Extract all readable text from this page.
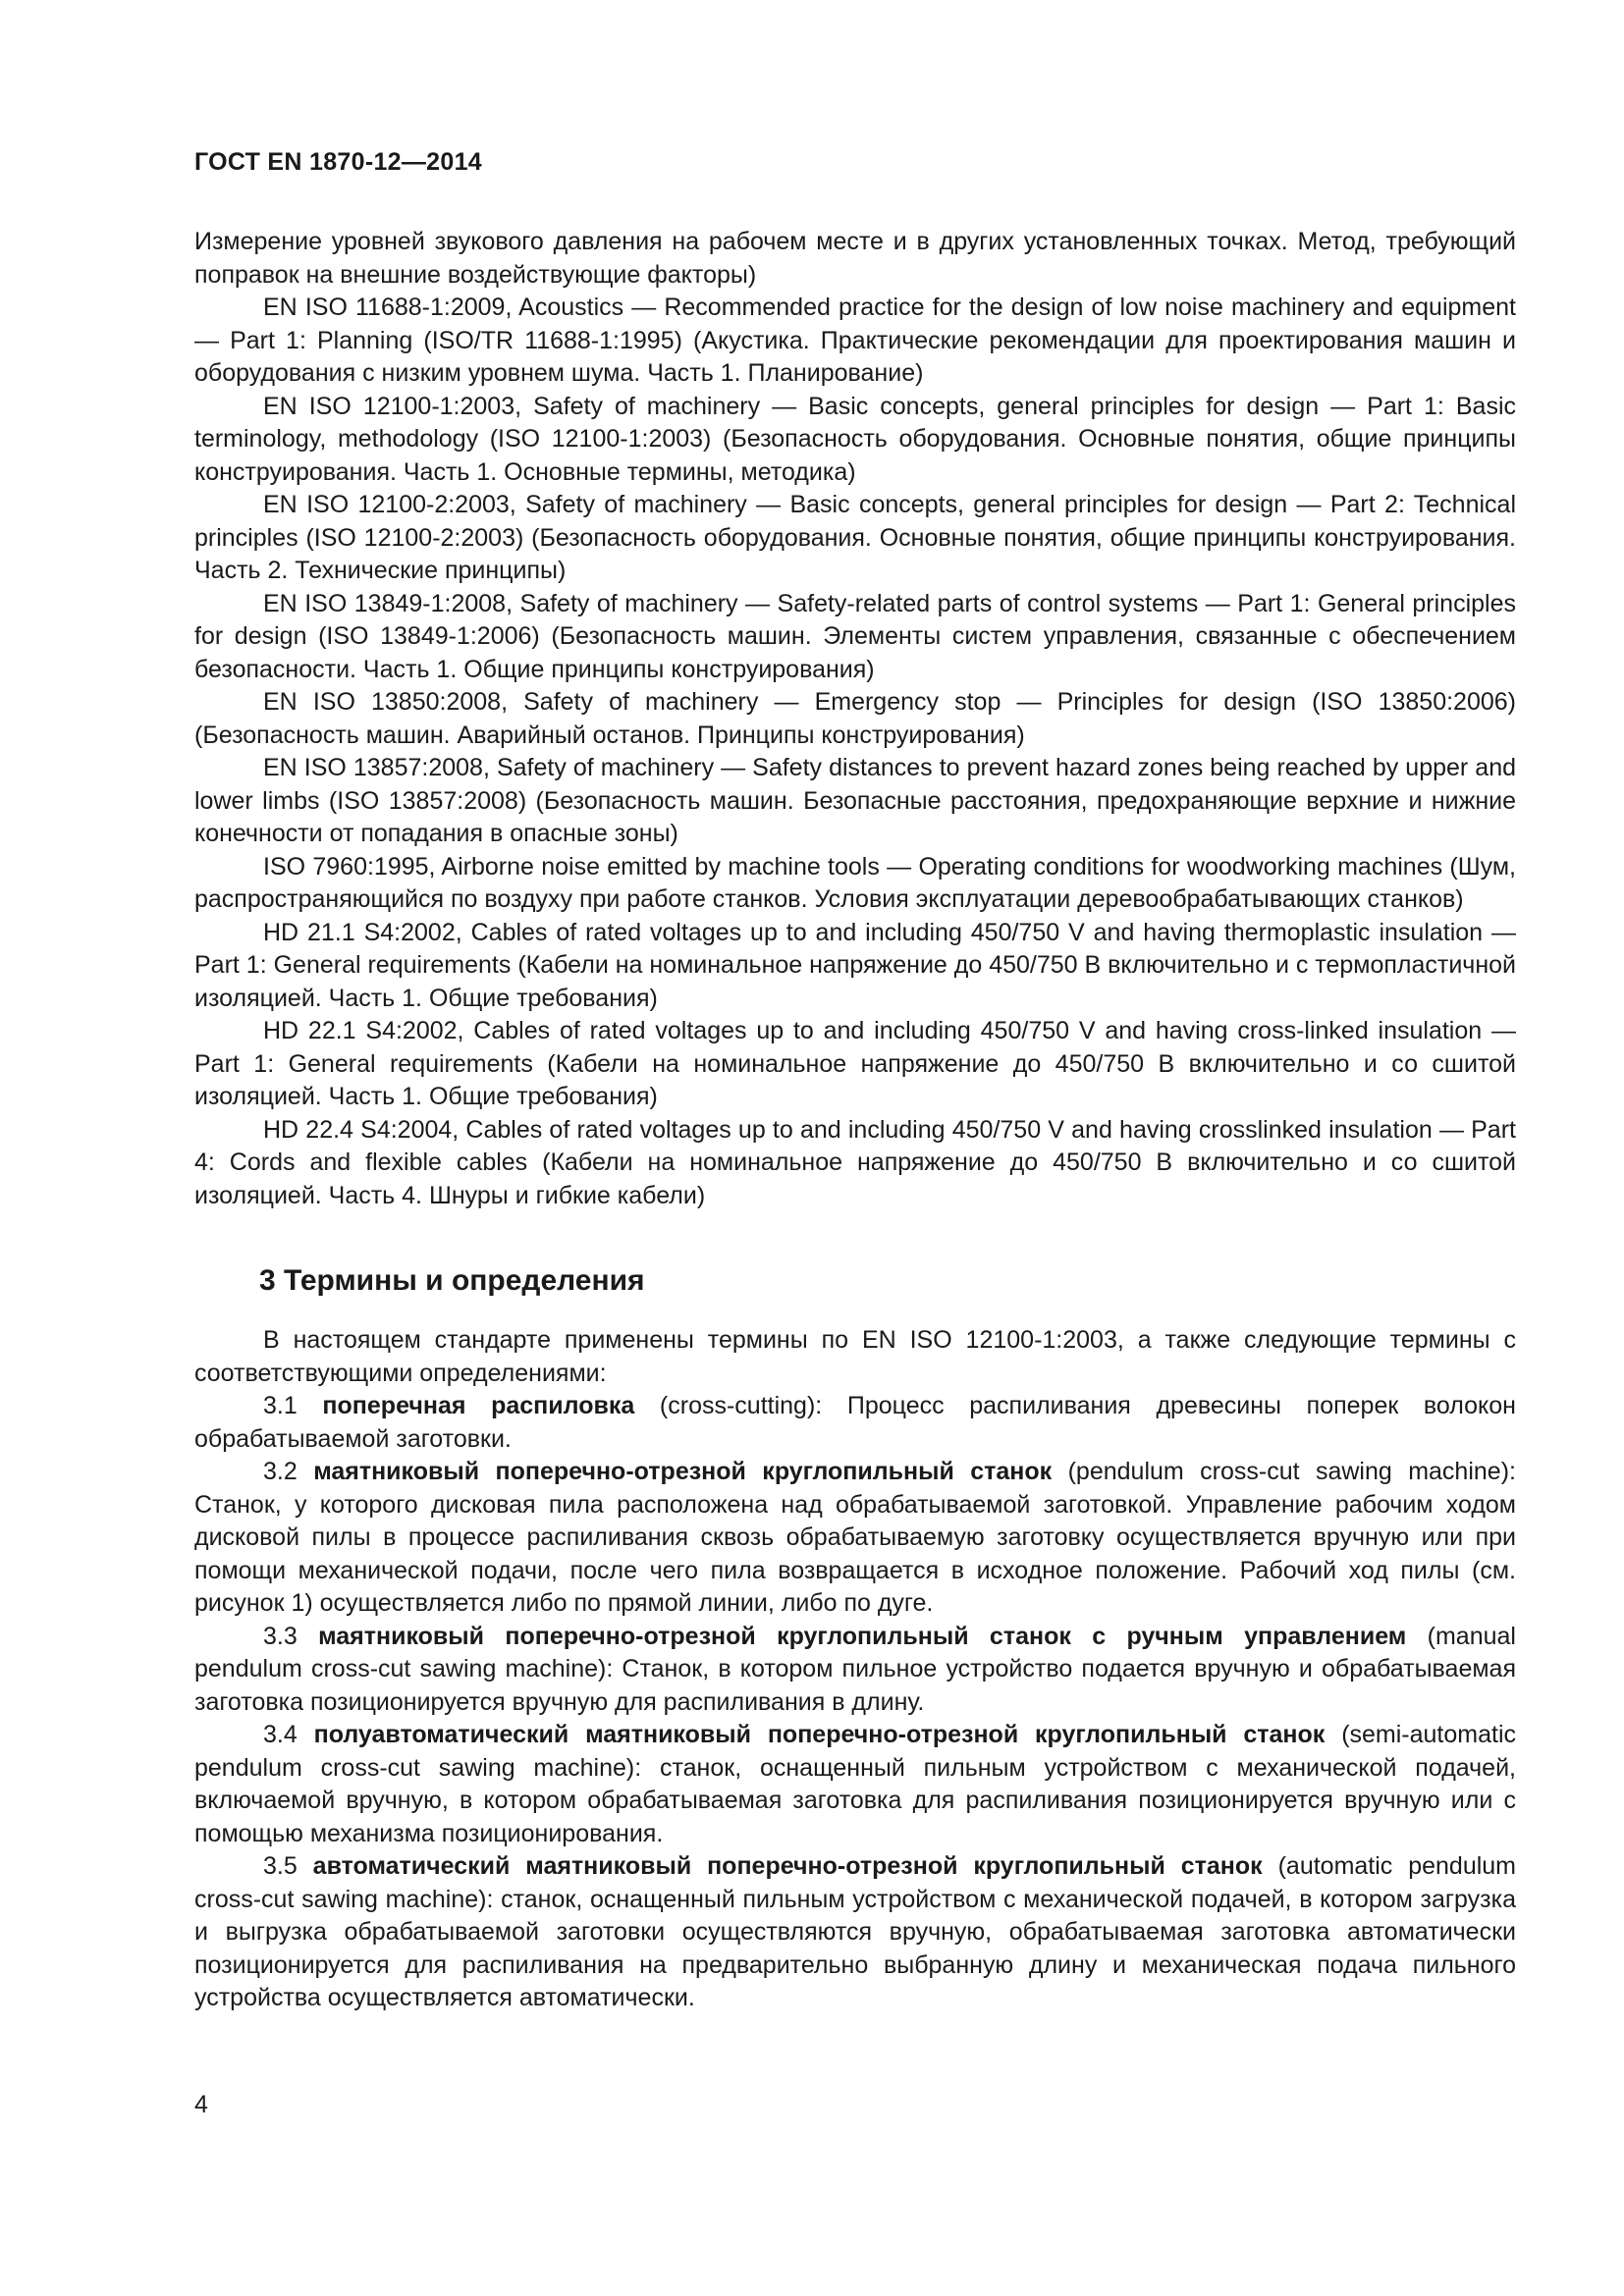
ГОСТ EN 1870-12—2014

Измерение уровней звукового давления на рабочем месте и в других установленных точках. Метод, требующий поправок на внешние воздействующие факторы)

EN ISO 11688-1:2009, Acoustics — Recommended practice for the design of low noise machinery and equipment — Part 1: Planning (ISO/TR 11688-1:1995) (Акустика. Практические рекомендации для проектирования машин и оборудования с низким уровнем шума. Часть 1. Планирование)

EN ISO 12100-1:2003, Safety of machinery — Basic concepts, general principles for design — Part 1: Basic terminology, methodology (ISO 12100-1:2003) (Безопасность оборудования. Основные понятия, общие принципы конструирования. Часть 1. Основные термины, методика)

EN ISO 12100-2:2003, Safety of machinery — Basic concepts, general principles for design — Part 2: Technical principles (ISO 12100-2:2003) (Безопасность оборудования. Основные понятия, общие принципы конструирования. Часть 2. Технические принципы)

EN ISO 13849-1:2008, Safety of machinery — Safety-related parts of control systems — Part 1: General principles for design (ISO 13849-1:2006) (Безопасность машин. Элементы систем управления, связанные с обеспечением безопасности. Часть 1. Общие принципы конструирования)

EN ISO 13850:2008, Safety of machinery — Emergency stop — Principles for design (ISO 13850:2006) (Безопасность машин. Аварийный останов. Принципы конструирования)

EN ISO 13857:2008, Safety of machinery — Safety distances to prevent hazard zones being reached by upper and lower limbs (ISO 13857:2008) (Безопасность машин. Безопасные расстояния, предохраняющие верхние и нижние конечности от попадания в опасные зоны)

ISO 7960:1995, Airborne noise emitted by machine tools — Operating conditions for woodworking machines (Шум, распространяющийся по воздуху при работе станков. Условия эксплуатации деревообрабатывающих станков)

HD 21.1 S4:2002, Cables of rated voltages up to and including 450/750 V and having thermoplastic insulation — Part 1: General requirements (Кабели на номинальное напряжение до 450/750 В включительно и с термопластичной изоляцией. Часть 1. Общие требования)

HD 22.1 S4:2002, Cables of rated voltages up to and including 450/750 V and having cross-linked insulation — Part 1: General requirements (Кабели на номинальное напряжение до 450/750 В включительно и со сшитой изоляцией. Часть 1. Общие требования)

HD 22.4 S4:2004, Cables of rated voltages up to and including 450/750 V and having crosslinked insulation — Part 4: Cords and flexible cables (Кабели на номинальное напряжение до 450/750 В включительно и со сшитой изоляцией. Часть 4. Шнуры и гибкие кабели)

3 Термины и определения

В настоящем стандарте применены термины по EN ISO 12100-1:2003, а также следующие термины с соответствующими определениями:

3.1 поперечная распиловка (cross-cutting): Процесс распиливания древесины поперек волокон обрабатываемой заготовки.

3.2 маятниковый поперечно-отрезной круглопильный станок (pendulum cross-cut sawing machine): Станок, у которого дисковая пила расположена над обрабатываемой заготовкой. Управление рабочим ходом дисковой пилы в процессе распиливания сквозь обрабатываемую заготовку осуществляется вручную или при помощи механической подачи, после чего пила возвращается в исходное положение. Рабочий ход пилы (см. рисунок 1) осуществляется либо по прямой линии, либо по дуге.

3.3 маятниковый поперечно-отрезной круглопильный станок с ручным управлением (manual pendulum cross-cut sawing machine): Станок, в котором пильное устройство подается вручную и обрабатываемая заготовка позиционируется вручную для распиливания в длину.

3.4 полуавтоматический маятниковый поперечно-отрезной круглопильный станок (semi-automatic pendulum cross-cut sawing machine): станок, оснащенный пильным устройством с механической подачей, включаемой вручную, в котором обрабатываемая заготовка для распиливания позиционируется вручную или с помощью механизма позиционирования.

3.5 автоматический маятниковый поперечно-отрезной круглопильный станок (automatic pendulum cross-cut sawing machine): станок, оснащенный пильным устройством с механической подачей, в котором загрузка и выгрузка обрабатываемой заготовки осуществляются вручную, обрабатываемая заготовка автоматически позиционируется для распиливания на предварительно выбранную длину и механическая подача пильного устройства осуществляется автоматически.

4
